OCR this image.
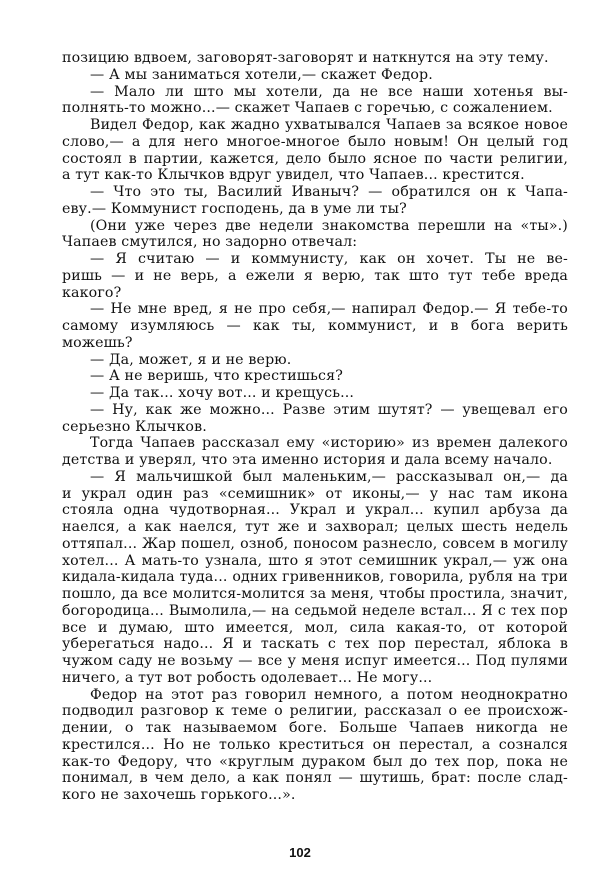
позицию вдвоем, заговорят-заговорят и наткнутся на эту тему.
— А мы заниматься хотели,— скажет Федор.
— Мало ли што мы хотели, да не все наши хотенья вы-
полнять-то можно...— скажет Чапаев с горечью, с сожалением.
Видел Федор, как жадно ухватывался Чапаев за всякое новое
слово,— а для него многое-многое было новым! Он целый год
состоял в партии, кажется, дело было ясное по части религии,
а тут как-то Клычков вдруг увидел, что Чапаев... крестится.
— Что это ты, Василий Иваныч? — обратился он к Чапа-
еву.— Коммунист господень, да в уме ли ты?
(Они уже через две недели знакомства перешли на «ты».)
Чапаев смутился, но задорно отвечал:
— Я считаю — и коммунисту, как он хочет. Ты не ве-
ришь — и не верь, а ежели я верю, так што тут тебе вреда
какого?
— Не мне вред, я не про себя,— напирал Федор.— Я тебе-то
самому изумляюсь — как ты, коммунист, и в бога верить
можешь?
— Да, может, я и не верю.
— А не веришь, что крестишься?
— Да так... хочу вот... и крещусь...
— Ну, как же можно... Разве этим шутят? — увещевал его
серьезно Клычков.
Тогда Чапаев рассказал ему «историю» из времен далекого
детства и уверял, что эта именно история и дала всему начало.
— Я мальчишкой был маленьким,— рассказывал он,— да
и украл один раз «семишник» от иконы,— у нас там икона
стояла одна чудотворная... Украл и украл... купил арбуза да
наелся, а как наелся, тут же и захворал; целых шесть недель
оттяпал... Жар пошел, озноб, поносом разнесло, совсем в могилу
хотел... А мать-то узнала, што я этот семишник украл,— уж она
кидала-кидала туда... одних гривенников, говорила, рубля на три
пошло, да все молится-молится за меня, чтобы простила, значит,
богородица... Вымолила,— на седьмой неделе встал... Я с тех пор
все и думаю, што имеется, мол, сила какая-то, от которой
уберегаться надо... Я и таскать с тех пор перестал, яблока в
чужом саду не возьму — все у меня испуг имеется... Под пулями
ничего, а тут вот робость одолевает... Не могу...
Федор на этот раз говорил немного, а потом неоднократно
подводил разговор к теме о религии, рассказал о ее происхож-
дении, о так называемом боге. Больше Чапаев никогда не
крестился... Но не только креститься он перестал, а сознался
как-то Федору, что «круглым дураком был до тех пор, пока не
понимал, в чем дело, а как понял — шутишь, брат: после слад-
кого не захочешь горького...».
102
